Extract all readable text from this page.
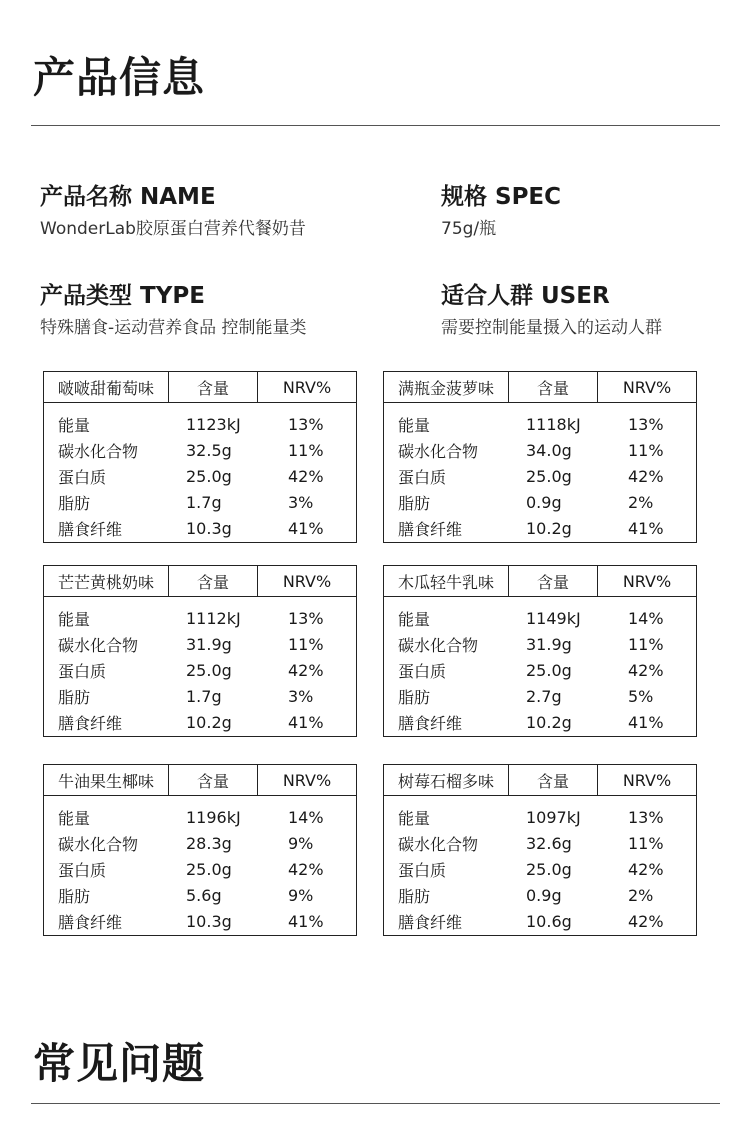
产品信息
产品名称 NAME
WonderLab胶原蛋白营养代餐奶昔
规格 SPEC
75g/瓶
产品类型 TYPE
特殊膳食-运动营养食品 控制能量类
适合人群 USER
需要控制能量摄入的运动人群
啵啵甜葡萄味	含量	NRV%
能量	1123kJ	13%
碳水化合物	32.5g	11%
蛋白质	25.0g	42%
脂肪	1.7g	3%
膳食纤维	10.3g	41%
满瓶金菠萝味	含量	NRV%
能量	1118kJ	13%
碳水化合物	34.0g	11%
蛋白质	25.0g	42%
脂肪	0.9g	2%
膳食纤维	10.2g	41%
芒芒黄桃奶味	含量	NRV%
能量	1112kJ	13%
碳水化合物	31.9g	11%
蛋白质	25.0g	42%
脂肪	1.7g	3%
膳食纤维	10.2g	41%
木瓜轻牛乳味	含量	NRV%
能量	1149kJ	14%
碳水化合物	31.9g	11%
蛋白质	25.0g	42%
脂肪	2.7g	5%
膳食纤维	10.2g	41%
牛油果生椰味	含量	NRV%
能量	1196kJ	14%
碳水化合物	28.3g	9%
蛋白质	25.0g	42%
脂肪	5.6g	9%
膳食纤维	10.3g	41%
树莓石榴多味	含量	NRV%
能量	1097kJ	13%
碳水化合物	32.6g	11%
蛋白质	25.0g	42%
脂肪	0.9g	2%
膳食纤维	10.6g	42%
常见问题
